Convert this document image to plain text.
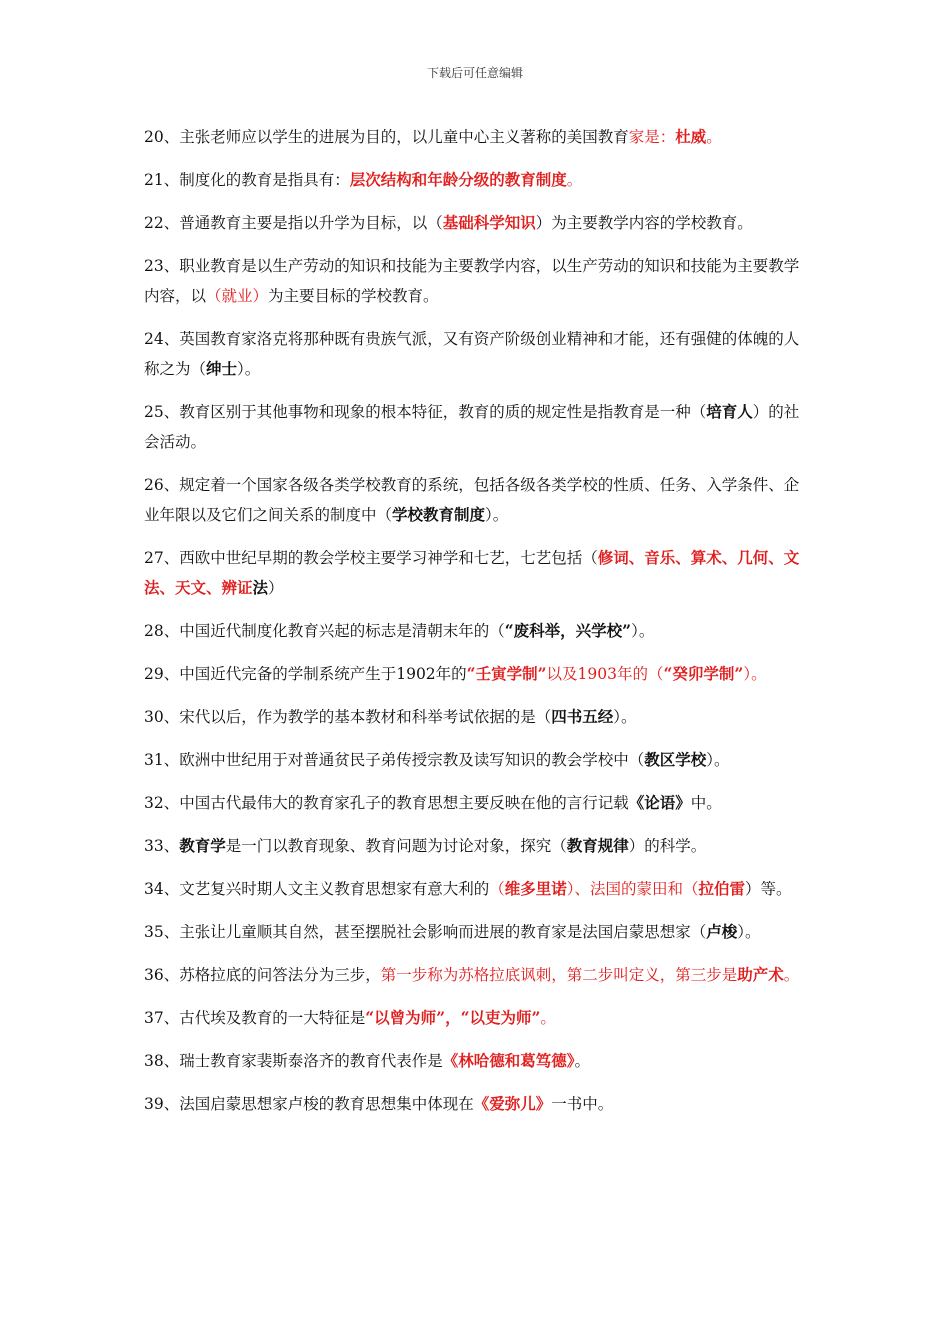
下载后可任意编辑
20、主张老师应以学生的进展为目的，以儿童中心主义著称的美国教育家是：杜威。
21、制度化的教育是指具有：层次结构和年龄分级的教育制度。
22、普通教育主要是指以升学为目标，以（基础科学知识）为主要教学内容的学校教育。
23、职业教育是以生产劳动的知识和技能为主要教学内容，以生产劳动的知识和技能为主要教学内容，以（就业）为主要目标的学校教育。
24、英国教育家洛克将那种既有贵族气派，又有资产阶级创业精神和才能，还有强健的体魄的人称之为（绅士）。
25、教育区别于其他事物和现象的根本特征，教育的质的规定性是指教育是一种（培育人）的社会活动。
26、规定着一个国家各级各类学校教育的系统，包括各级各类学校的性质、任务、入学条件、企业年限以及它们之间关系的制度中（学校教育制度）。
27、西欧中世纪早期的教会学校主要学习神学和七艺，七艺包括（修词、音乐、算术、几何、文法、天文、辨证法）
28、中国近代制度化教育兴起的标志是清朝末年的（“废科举，兴学校”）。
29、中国近代完备的学制系统产生于1902年的“壬寅学制”以及1903年的（“癸卯学制”）。
30、宋代以后，作为教学的基本教材和科举考试依据的是（四书五经）。
31、欧洲中世纪用于对普通贫民子弟传授宗教及读写知识的教会学校中（教区学校）。
32、中国古代最伟大的教育家孔子的教育思想主要反映在他的言行记载《论语》中。
33、教育学是一门以教育现象、教育问题为讨论对象，探究（教育规律）的科学。
34、文艺复兴时期人文主义教育思想家有意大利的（维多里诺）、法国的蒙田和（拉伯雷）等。
35、主张让儿童顺其自然，甚至摆脱社会影响而进展的教育家是法国启蒙思想家（卢梭）。
36、苏格拉底的问答法分为三步，第一步称为苏格拉底讽刺，第二步叫定义，第三步是助产术。
37、古代埃及教育的一大特征是“以曾为师”，“以吏为师”。
38、瑞士教育家裴斯泰洛齐的教育代表作是《林哈德和葛笃德》。
39、法国启蒙思想家卢梭的教育思想集中体现在《爱弥儿》一书中。
